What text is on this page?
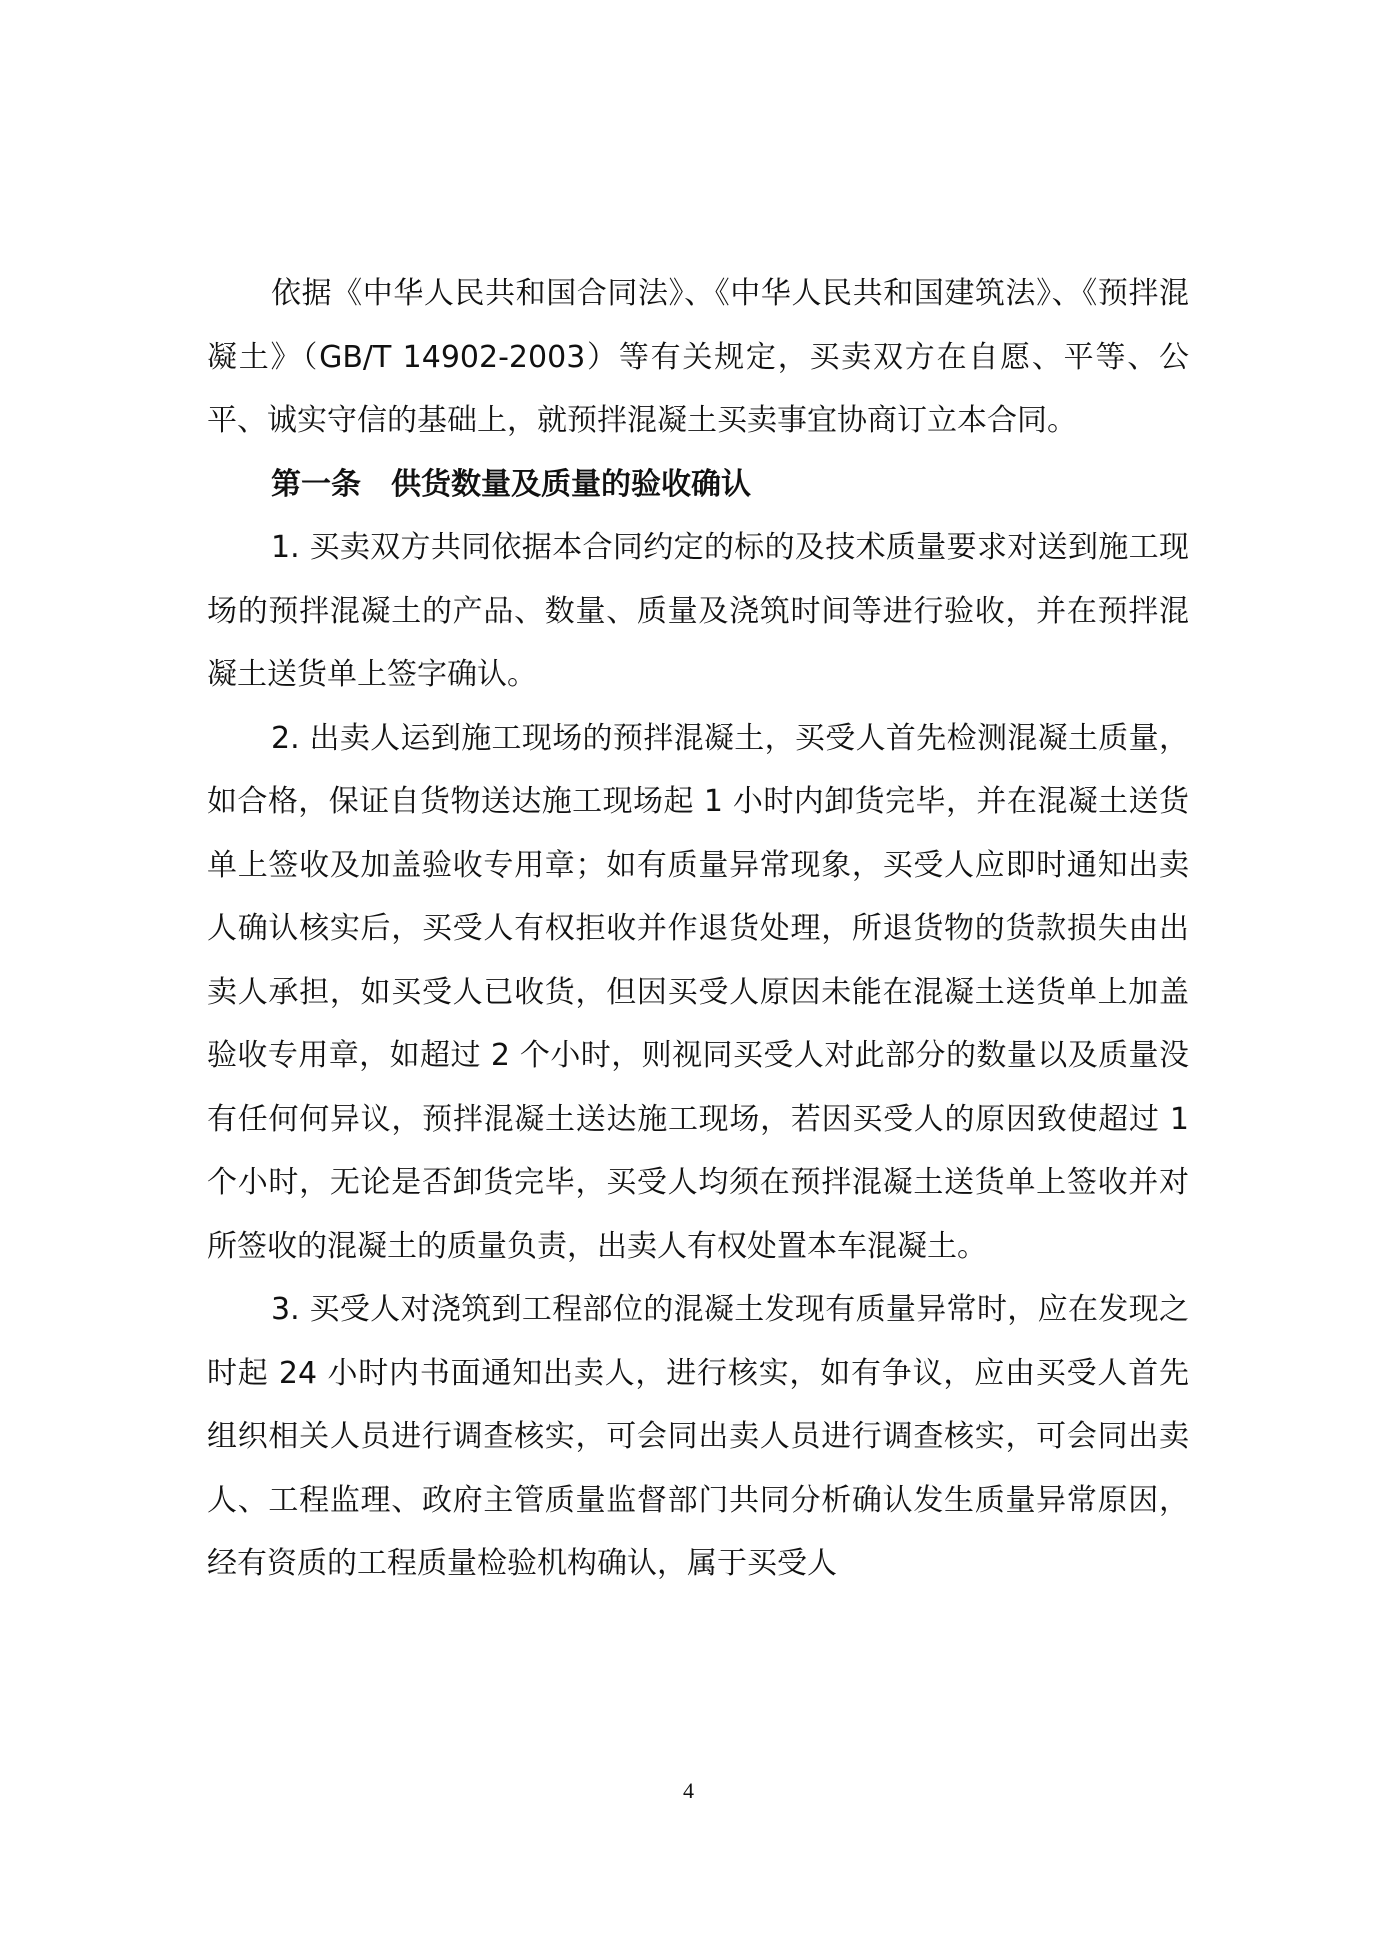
依据《中华人民共和国合同法》、《中华人民共和国建筑法》、《预拌混凝土》（GB/T 14902-2003）等有关规定，买卖双方在自愿、平等、公平、诚实守信的基础上，就预拌混凝土买卖事宜协商订立本合同。

第一条　供货数量及质量的验收确认

1. 买卖双方共同依据本合同约定的标的及技术质量要求对送到施工现场的预拌混凝土的产品、数量、质量及浇筑时间等进行验收，并在预拌混凝土送货单上签字确认。

2. 出卖人运到施工现场的预拌混凝土，买受人首先检测混凝土质量，如合格，保证自货物送达施工现场起 1 小时内卸货完毕，并在混凝土送货单上签收及加盖验收专用章；如有质量异常现象，买受人应即时通知出卖人确认核实后，买受人有权拒收并作退货处理，所退货物的货款损失由出卖人承担，如买受人已收货，但因买受人原因未能在混凝土送货单上加盖验收专用章，如超过 2 个小时，则视同买受人对此部分的数量以及质量没有任何何异议，预拌混凝土送达施工现场，若因买受人的原因致使超过 1 个小时，无论是否卸货完毕，买受人均须在预拌混凝土送货单上签收并对所签收的混凝土的质量负责，出卖人有权处置本车混凝土。

3. 买受人对浇筑到工程部位的混凝土发现有质量异常时，应在发现之时起 24 小时内书面通知出卖人，进行核实，如有争议，应由买受人首先组织相关人员进行调查核实，可会同出卖人员进行调查核实，可会同出卖人、工程监理、政府主管质量监督部门共同分析确认发生质量异常原因，经有资质的工程质量检验机构确认，属于买受人

4
